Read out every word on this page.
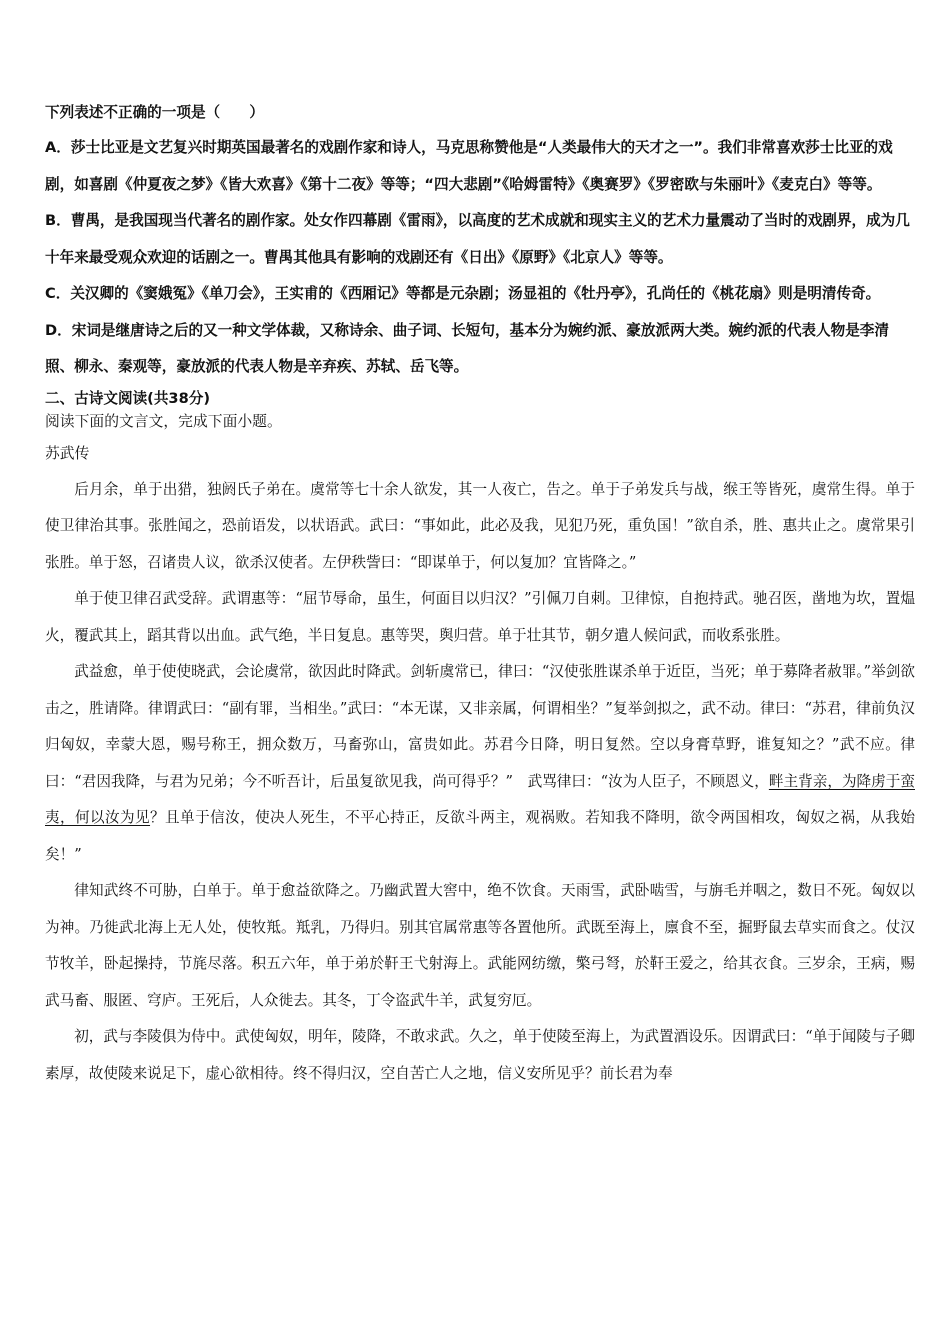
下列表述不正确的一项是（　　）
A．莎士比亚是文艺复兴时期英国最著名的戏剧作家和诗人，马克思称赞他是“人类最伟大的天才之一”。我们非常喜欢莎士比亚的戏剧，如喜剧《仲夏夜之梦》《皆大欢喜》《第十二夜》等等；“四大悲剧”《哈姆雷特》《奥赛罗》《罗密欧与朱丽叶》《麦克白》等等。
B．曹禺，是我国现当代著名的剧作家。处女作四幕剧《雷雨》，以高度的艺术成就和现实主义的艺术力量震动了当时的戏剧界，成为几十年来最受观众欢迎的话剧之一。曹禺其他具有影响的戏剧还有《日出》《原野》《北京人》等等。
C．关汉卿的《窦娥冤》《单刀会》，王实甫的《西厢记》等都是元杂剧；汤显祖的《牡丹亭》，孔尚任的《桃花扇》则是明清传奇。
D．宋词是继唐诗之后的又一种文学体裁，又称诗余、曲子词、长短句，基本分为婉约派、豪放派两大类。婉约派的代表人物是李清照、柳永、秦观等，豪放派的代表人物是辛弃疾、苏轼、岳飞等。
二、古诗文阅读(共38分)
阅读下面的文言文，完成下面小题。
苏武传

后月余，单于出猎，独阏氏子弟在。虞常等七十余人欲发，其一人夜亡，告之。单于子弟发兵与战，缑王等皆死，虞常生得。单于使卫律治其事。张胜闻之，恐前语发，以状语武。武曰：“事如此，此必及我，见犯乃死，重负国！”欲自杀，胜、惠共止之。虞常果引张胜。单于怒，召诸贵人议，欲杀汉使者。左伊秩訾曰：“即谋单于，何以复加？宜皆降之。”

单于使卫律召武受辞。武谓惠等：“屈节辱命，虽生，何面目以归汉？”引佩刀自刺。卫律惊，自抱持武。驰召医，凿地为坎，置煴火，覆武其上，蹈其背以出血。武气绝，半日复息。惠等哭，舆归营。单于壮其节，朝夕遣人候问武，而收系张胜。

武益愈，单于使使晓武，会论虞常，欲因此时降武。剑斩虞常已，律曰：“汉使张胜谋杀单于近臣，当死；单于募降者赦罪。”举剑欲击之，胜请降。律谓武曰：“副有罪，当相坐。”武曰：“本无谋，又非亲属，何谓相坐？”复举剑拟之，武不动。律曰：“苏君，律前负汉归匈奴，幸蒙大恩，赐号称王，拥众数万，马畜弥山，富贵如此。苏君今日降，明日复然。空以身膏草野，谁复知之？”武不应。律曰：“君因我降，与君为兄弟；今不听吾计，后虽复欲见我，尚可得乎？”　武骂律曰：“汝为人臣子，不顾恩义，畔主背亲，为降虏于蛮夷，何以汝为见？且单于信汝，使决人死生，不平心持正，反欲斗两主，观祸败。若知我不降明，欲令两国相攻，匈奴之祸，从我始矣！”

律知武终不可胁，白单于。单于愈益欲降之。乃幽武置大窖中，绝不饮食。天雨雪，武卧啮雪，与旃毛并咽之，数日不死。匈奴以为神。乃徙武北海上无人处，使牧羝。羝乳，乃得归。别其官属常惠等各置他所。武既至海上，廪食不至，掘野鼠去草实而食之。仗汉节牧羊，卧起操持，节旄尽落。积五六年，单于弟於靬王弋射海上。武能网纺缴，檠弓弩，於靬王爱之，给其衣食。三岁余，王病，赐武马畜、服匿、穹庐。王死后，人众徙去。其冬，丁令盗武牛羊，武复穷厄。

初，武与李陵俱为侍中。武使匈奴，明年，陵降，不敢求武。久之，单于使陵至海上，为武置酒设乐。因谓武曰：“单于闻陵与子卿素厚，故使陵来说足下，虚心欲相待。终不得归汉，空自苦亡人之地，信义安所见乎？前长君为奉
